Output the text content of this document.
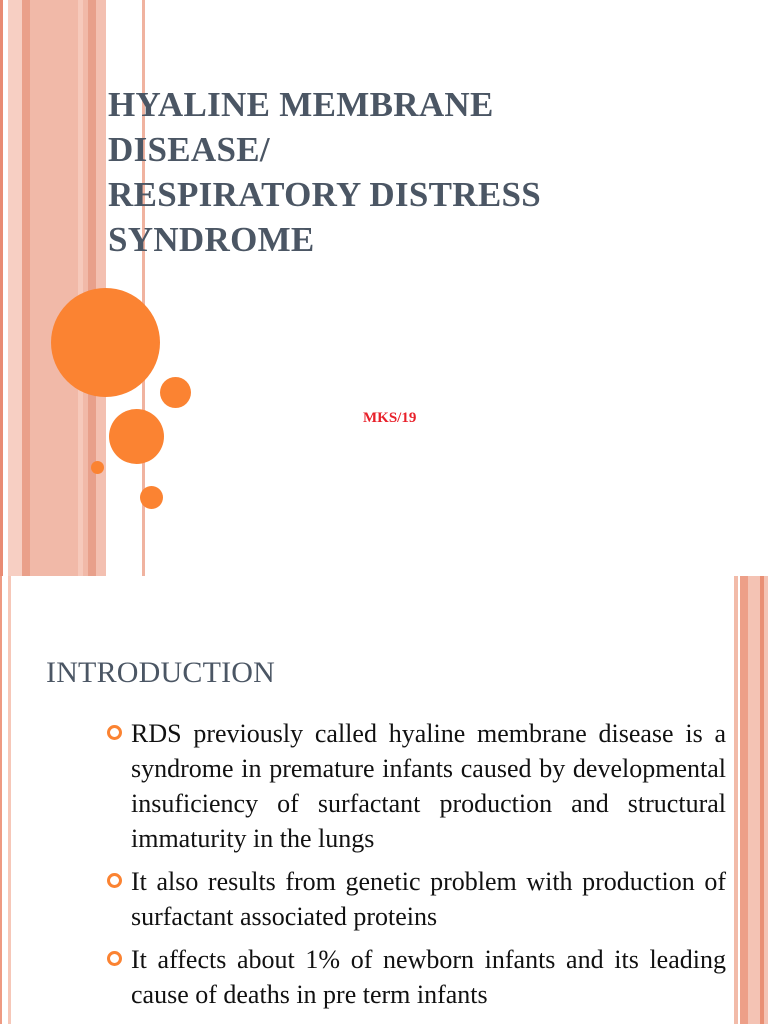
HYALINE MEMBRANE
DISEASE/
RESPIRATORY DISTRESS
SYNDROME
MKS/19
INTRODUCTION
RDS previously called hyaline membrane disease is a syndrome in premature infants caused by developmental insuficiency of surfactant production and structural immaturity in the lungs
It also results from genetic problem with production of surfactant associated proteins
It affects about 1% of newborn infants and its leading cause of deaths in pre term infants
